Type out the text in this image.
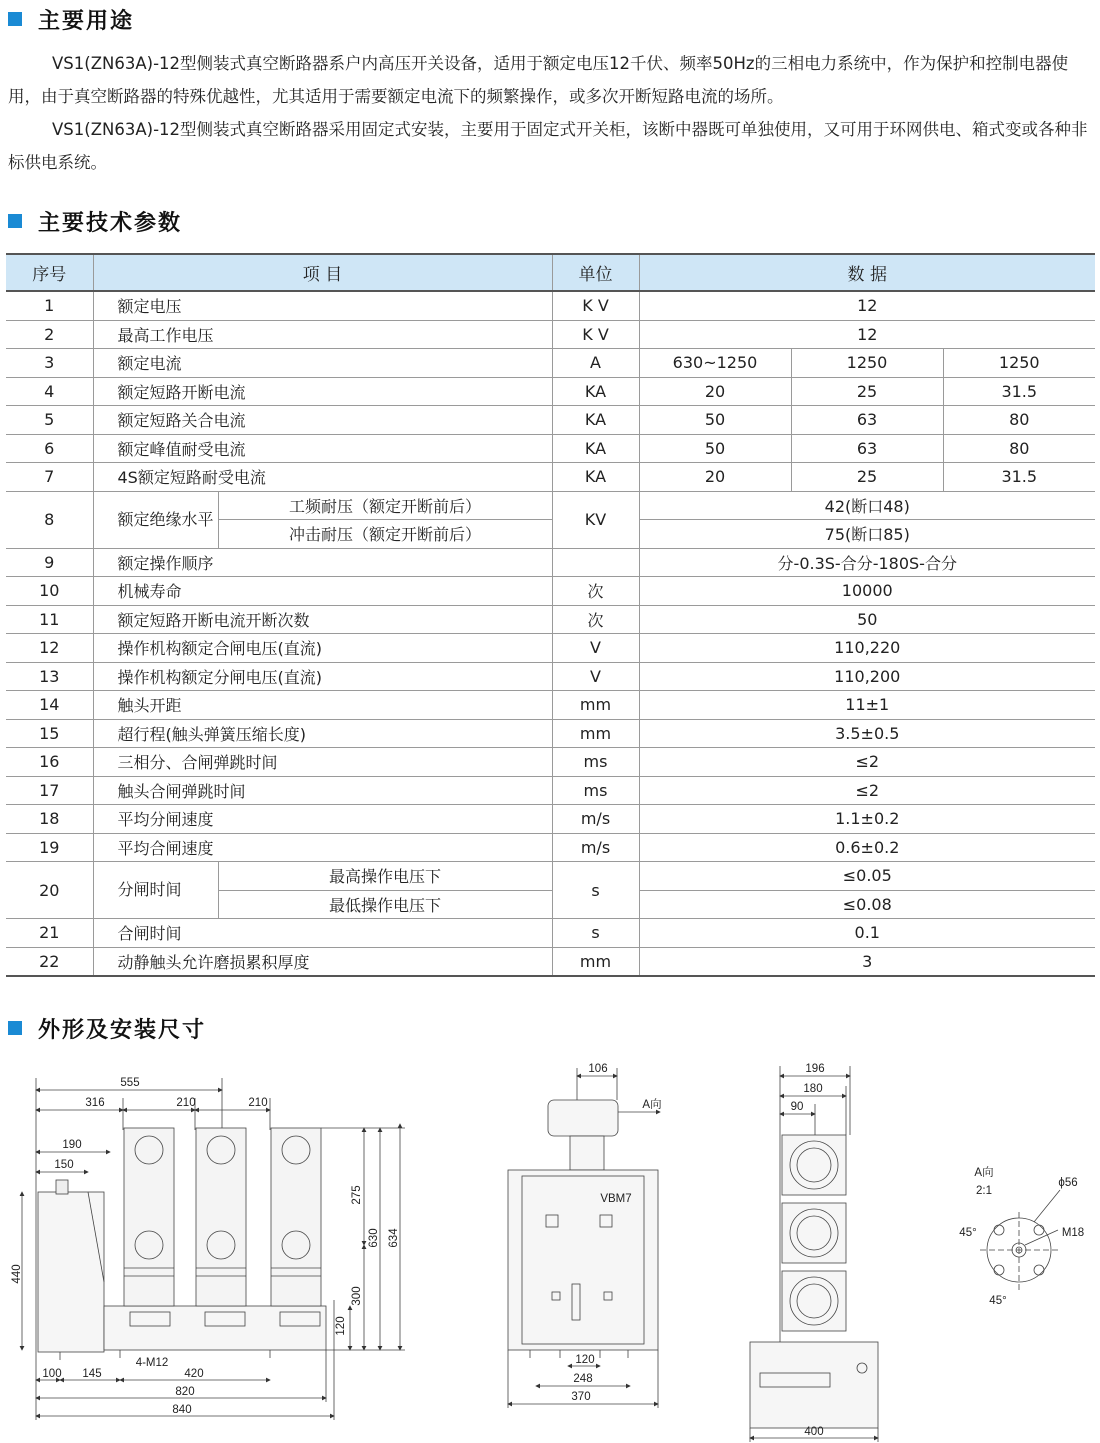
主要用途

VS1(ZN63A)-12型侧装式真空断路器系户内高压开关设备，适用于额定电压12千伏、频率50Hz的三相电力系统中，作为保护和控制电器使用，由于真空断路器的特殊优越性，尤其适用于需要额定电流下的频繁操作，或多次开断短路电流的场所。

VS1(ZN63A)-12型侧装式真空断路器采用固定式安装，主要用于固定式开关柜，该断中器既可单独使用，又可用于环网供电、箱式变或各种非标供电系统。

主要技术参数
序号	项 目		单位	数 据		
1	额定电压		K V	12		
2	最高工作电压		K V	12		
3	额定电流		A	630~1250	1250	1250
4	额定短路开断电流		KA	20	25	31.5
5	额定短路关合电流		KA	50	63	80
6	额定峰值耐受电流		KA	50	63	80
7	4S额定短路耐受电流		KA	20	25	31.5
8	额定绝缘水平	工频耐压（额定开断前后）	KV	42(断口48)		
		冲击耐压（额定开断前后）		75(断口85)		
9	额定操作顺序			分-0.3S-合分-180S-合分		
10	机械寿命		次	10000		
11	额定短路开断电流开断次数		次	50		
12	操作机构额定合闸电压(直流)		V	110,220		
13	操作机构额定分闸电压(直流)		V	110,200		
14	触头开距		mm	11±1		
15	超行程(触头弹簧压缩长度)		mm	3.5±0.5		
16	三相分、合闸弹跳时间		ms	≤2		
17	触头合闸弹跳时间		ms	≤2		
18	平均分闸速度		m/s	1.1±0.2		
19	平均合闸速度		m/s	0.6±0.2		
20	分闸时间	最高操作电压下	s	≤0.05		
		最低操作电压下		≤0.08		
21	合闸时间		s	0.1		
22	动静触头允许磨损累积厚度		mm	3		
外形及安装尺寸
555
316	210	210
190
150
440
275
630 634
300
120
4-M12
100 145	420
820
840
106
A向
VBM7
120
248
370
196
180
90
400
A向
2:1
ϕ56
M18
45°
45°
